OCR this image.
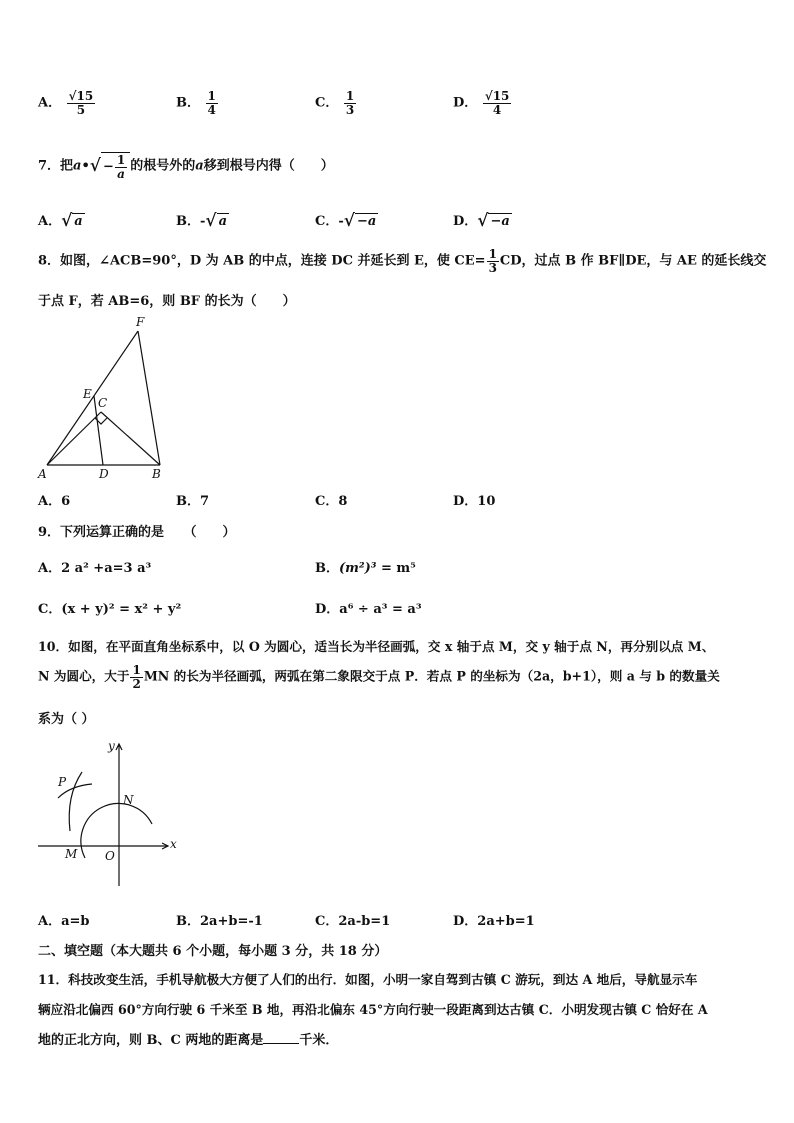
A． $\frac{√15}{5}$	B． $\frac{1}{4}$	C． $\frac{1}{3}$	D． $\frac{√15}{4}$
7．把a•√ − $\frac{1}{a}$ 的根号外的a移到根号内得（　　）
A．√ a	B．-√ a	C．-√ −a	D．√ −a
8．如图，∠ACB=90°，D 为 AB 的中点，连接 DC 并延长到 E，使 $CE= \frac{1}{3}$ CD，过点 B 作 BF∥DE，与 AE 的延长线交
于点 F，若 AB=6，则 BF 的长为（　　）
F
E
C
A	D	B
A．6	B．7	C．8	D．10
9．下列运算正确的是　　（　　）
A．2 a² +a=3 a³	B．(m²)³ = m⁵
C．(x + y)² = x² + y²	D．a⁶ ÷ a³ = a³
10．如图，在平面直角坐标系中，以 O 为圆心，适当长为半径画弧，交 x 轴于点 M，交 y 轴于点 N，再分别以点 M、
N 为圆心，大于 $\frac{1}{2}$ MN 的长为半径画弧，两弧在第二象限交于点 P．若点 P 的坐标为（2a，b+1），则 a 与 b 的数量关
系为（ ）
y
x
P
N
M O
A．a=b	B．2a+b=-1	C．2a-b=1	D．2a+b=1
二、填空题（本大题共 6 个小题，每小题 3 分，共 18 分）
11．科技改变生活，手机导航极大方便了人们的出行．如图，小明一家自驾到古镇 C 游玩，到达 A 地后，导航显示车
辆应沿北偏西 60°方向行驶 6 千米至 B 地，再沿北偏东 45°方向行驶一段距离到达古镇 C．小明发现古镇 C 恰好在 A
地的正北方向，则 B、C 两地的距离是	千米．
